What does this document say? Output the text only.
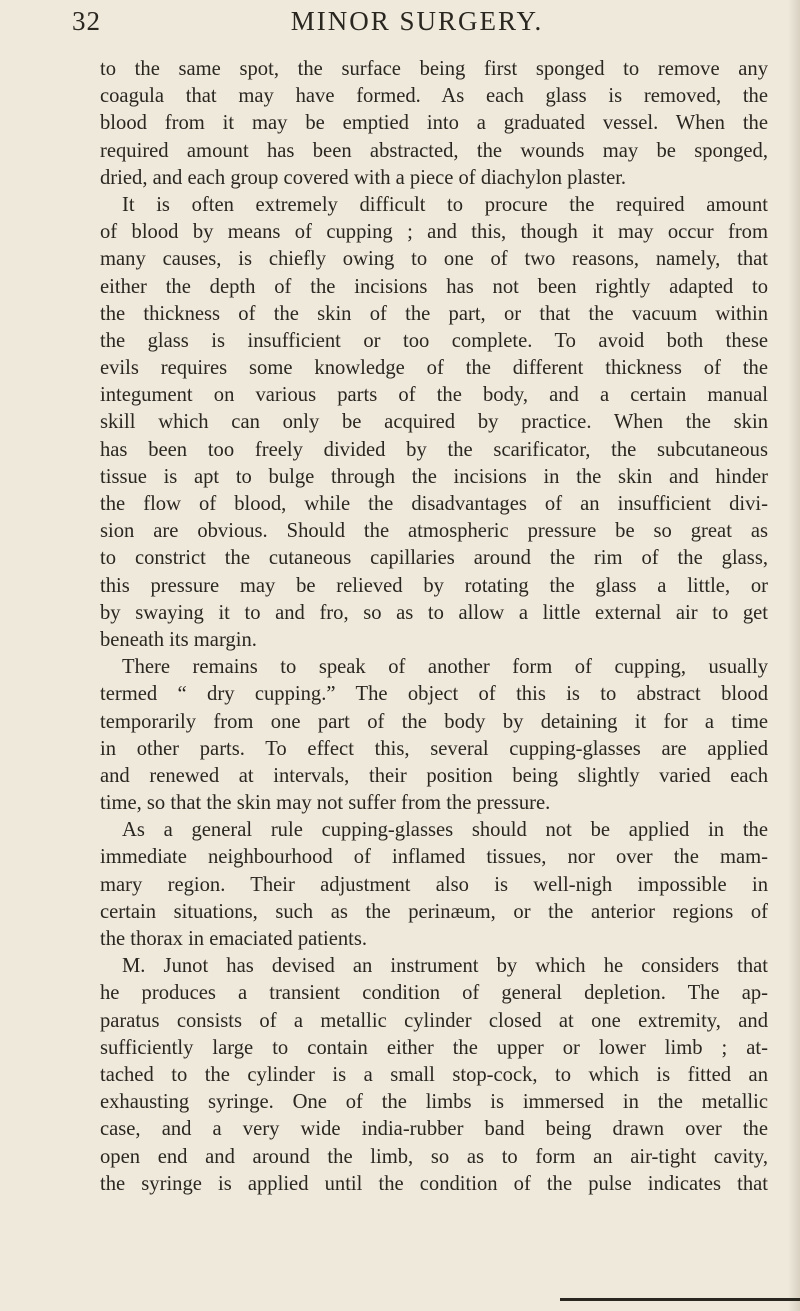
32	MINOR SURGERY.
to the same spot, the surface being first sponged to remove any
coagula that may have formed. As each glass is removed, the
blood from it may be emptied into a graduated vessel. When the
required amount has been abstracted, the wounds may be sponged,
dried, and each group covered with a piece of diachylon plaster.
It is often extremely difficult to procure the required amount
of blood by means of cupping ; and this, though it may occur from
many causes, is chiefly owing to one of two reasons, namely, that
either the depth of the incisions has not been rightly adapted to
the thickness of the skin of the part, or that the vacuum within
the glass is insufficient or too complete. To avoid both these
evils requires some knowledge of the different thickness of the
integument on various parts of the body, and a certain manual
skill which can only be acquired by practice. When the skin
has been too freely divided by the scarificator, the subcutaneous
tissue is apt to bulge through the incisions in the skin and hinder
the flow of blood, while the disadvantages of an insufficient divi-
sion are obvious. Should the atmospheric pressure be so great as
to constrict the cutaneous capillaries around the rim of the glass,
this pressure may be relieved by rotating the glass a little, or
by swaying it to and fro, so as to allow a little external air to get
beneath its margin.
There remains to speak of another form of cupping, usually
termed “ dry cupping.” The object of this is to abstract blood
temporarily from one part of the body by detaining it for a time
in other parts. To effect this, several cupping-glasses are applied
and renewed at intervals, their position being slightly varied each
time, so that the skin may not suffer from the pressure.
As a general rule cupping-glasses should not be applied in the
immediate neighbourhood of inflamed tissues, nor over the mam-
mary region. Their adjustment also is well-nigh impossible in
certain situations, such as the perinæum, or the anterior regions of
the thorax in emaciated patients.
M. Junot has devised an instrument by which he considers that
he produces a transient condition of general depletion. The ap-
paratus consists of a metallic cylinder closed at one extremity, and
sufficiently large to contain either the upper or lower limb ; at-
tached to the cylinder is a small stop-cock, to which is fitted an
exhausting syringe. One of the limbs is immersed in the metallic
case, and a very wide india-rubber band being drawn over the
open end and around the limb, so as to form an air-tight cavity,
the syringe is applied until the condition of the pulse indicates that
